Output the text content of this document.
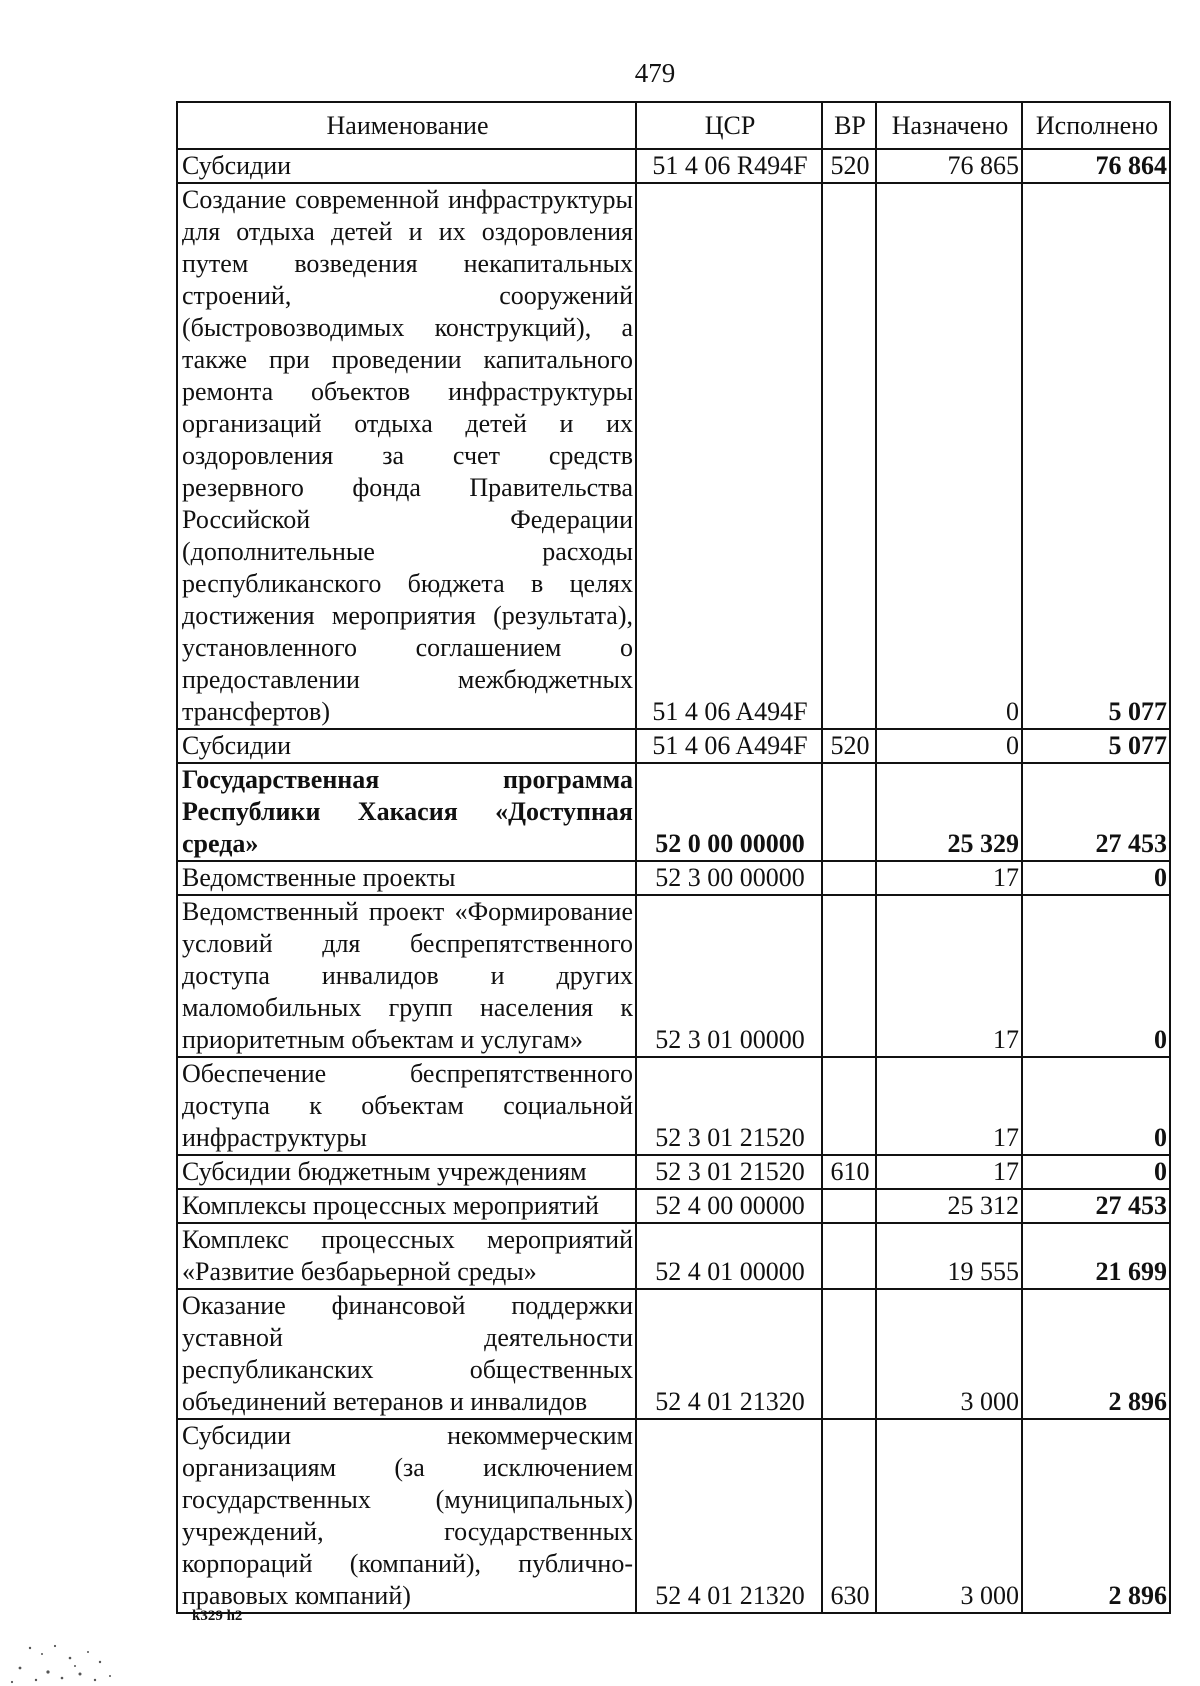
479
Наименование	ЦСР	ВР	Назначено	Исполнено
Субсидии	51 4 06 R494F	520	76 865	76 864
Создание современной инфраструктуры для отдыха детей и их оздоровления путем возведения некапитальных строений, сооружений (быстровозводимых конструкций), а также при проведении капитального ремонта объектов инфраструктуры организаций отдыха детей и их оздоровления за счет средств резервного фонда Правительства Российской Федерации (дополнительные расходы республиканского бюджета в целях достижения мероприятия (результата), установленного соглашением о предоставлении межбюджетных трансфертов)	51 4 06 A494F		0	5 077
Субсидии	51 4 06 A494F	520	0	5 077
Государственная программа Республики Хакасия «Доступная среда»	52 0 00 00000		25 329	27 453
Ведомственные проекты	52 3 00 00000		17	0
Ведомственный проект «Формирование условий для беспрепятственного доступа инвалидов и других маломобильных групп населения к приоритетным объектам и услугам»	52 3 01 00000		17	0
Обеспечение беспрепятственного доступа к объектам социальной инфраструктуры	52 3 01 21520		17	0
Субсидии бюджетным учреждениям	52 3 01 21520	610	17	0
Комплексы процессных мероприятий	52 4 00 00000		25 312	27 453
Комплекс процессных мероприятий «Развитие безбарьерной среды»	52 4 01 00000		19 555	21 699
Оказание финансовой поддержки уставной деятельности республиканских общественных объединений ветеранов и инвалидов	52 4 01 21320		3 000	2 896
Субсидии некоммерческим организациям (за исключением государственных (муниципальных) учреждений, государственных корпораций (компаний), публично-правовых компаний)	52 4 01 21320	630	3 000	2 896
k329 h2
